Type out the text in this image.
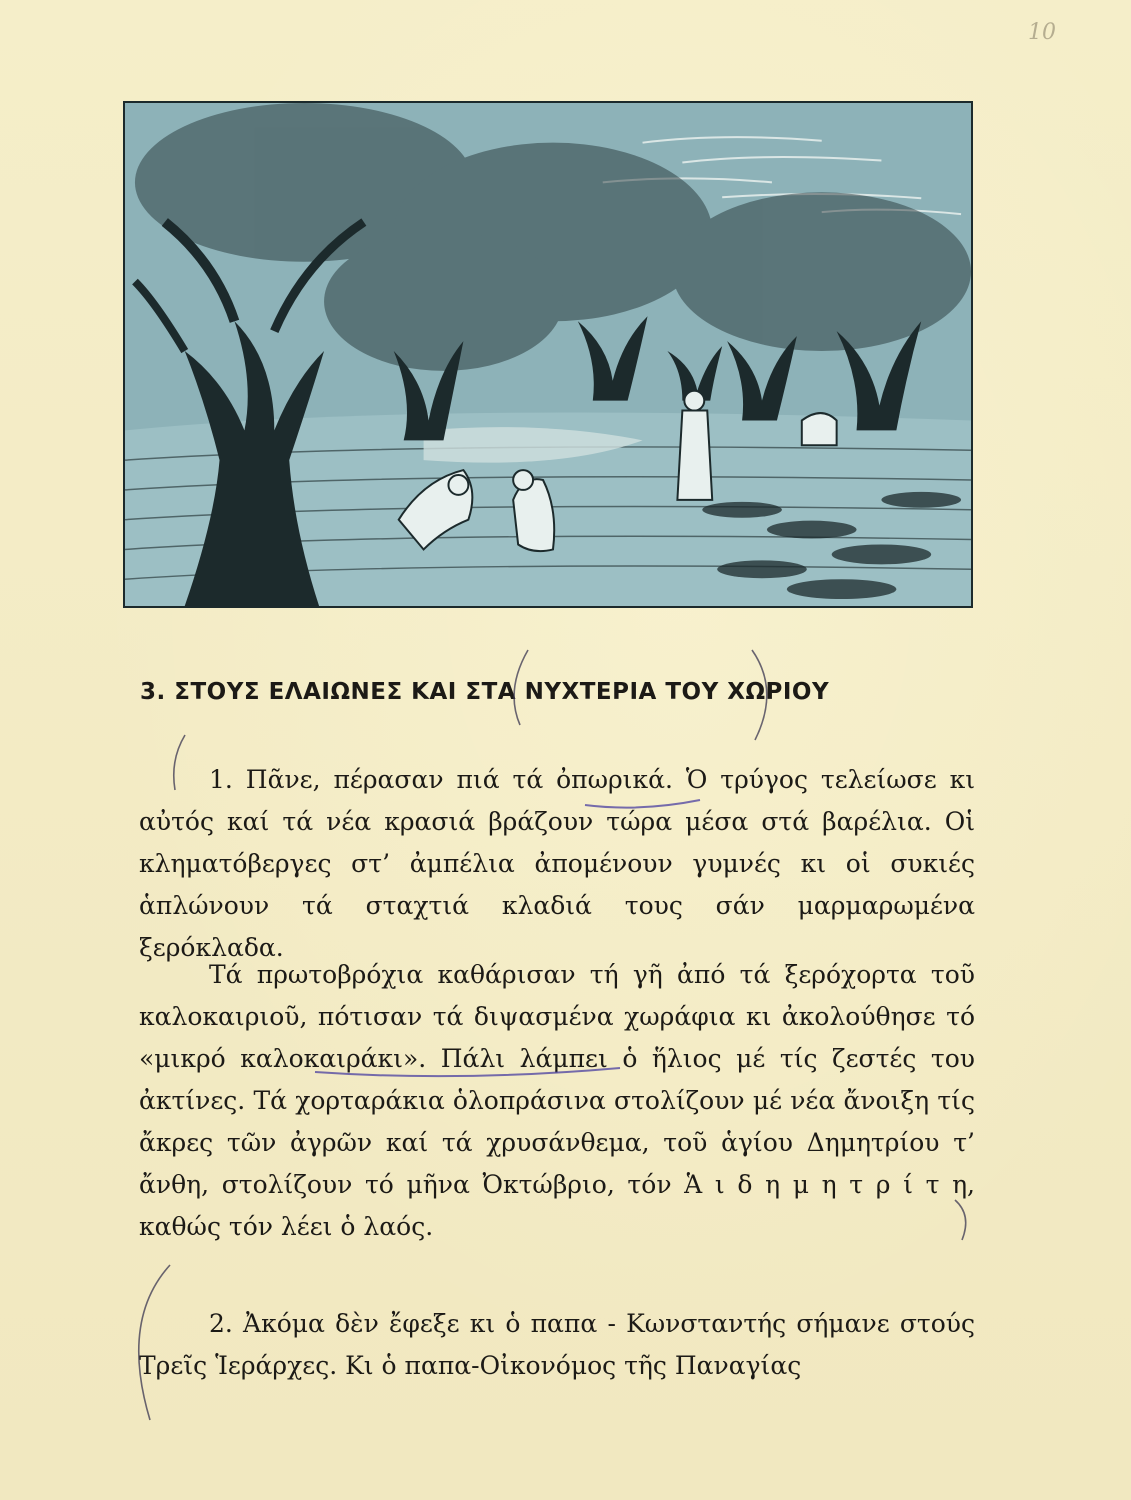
10
3. ΣΤΟΥΣ ΕΛΑΙΩΝΕΣ ΚΑΙ ΣΤΑ ΝΥΧΤΕΡΙΑ ΤΟΥ ΧΩΡΙΟΥ

1. Πᾶνε, πέρασαν πιά τά ὀπωρικά. Ὁ τρύγος τελείωσε κι αὐτός καί τά νέα κρασιά βράζουν τώρα μέσα στά βαρέλια. Οἱ κληματόβεργες στ’ ἀμπέλια ἀπομένουν γυμνές κι οἱ συκιές ἁπλώνουν τά σταχτιά κλαδιά τους σάν μαρμαρωμένα ξερόκλαδα.

Τά πρωτοβρόχια καθάρισαν τή γῆ ἀπό τά ξερόχορτα τοῦ καλοκαιριοῦ, πότισαν τά διψασμένα χωράφια κι ἀκολούθησε τό «μικρό καλοκαιράκι». Πάλι λάμπει ὁ ἥλιος μέ τίς ζεστές του ἀκτίνες. Τά χορταράκια ὁλοπράσινα στολίζουν μέ νέα ἄνοιξη τίς ἄκρες τῶν ἀγρῶν καί τά χρυσάνθεμα, τοῦ ἁγίου Δημητρίου τ’ ἄνθη, στολίζουν τό μῆνα Ὀκτώβριο, τόν Ἁ ι δ η μ η τ ρ ί τ η, καθώς τόν λέει ὁ λαός.

2. Ἀκόμα δὲν ἔφεξε κι ὁ παπα - Κωνσταντής σήμανε στούς Τρεῖς Ἱεράρχες. Κι ὁ παπα-Οἰκονόμος τῆς Παναγίας
